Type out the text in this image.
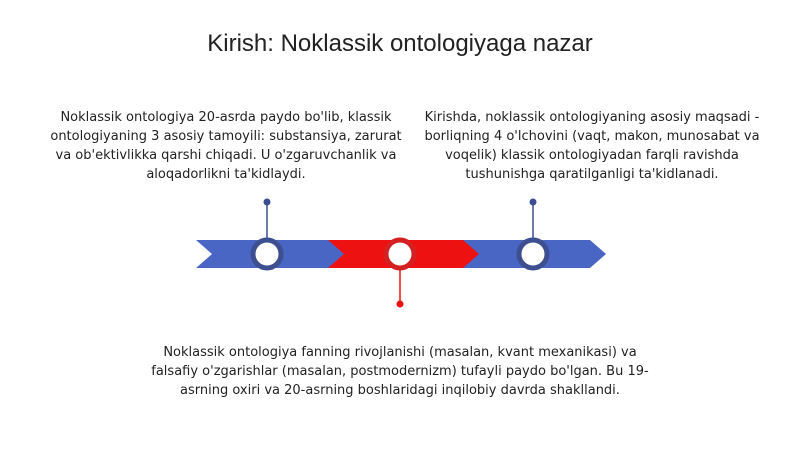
Kirish: Noklassik ontologiyaga nazar
Noklassik ontologiya 20-asrda paydo bo'lib, klassik ontologiyaning 3 asosiy tamoyili: substansiya, zarurat va ob'ektivlikka qarshi chiqadi. U o'zgaruvchanlik va aloqadorlikni ta'kidlaydi.
Kirishda, noklassik ontologiyaning asosiy maqsadi - borliqning 4 o'lchovini (vaqt, makon, munosabat va voqelik) klassik ontologiyadan farqli ravishda tushunishga qaratilganligi ta'kidlanadi.
Noklassik ontologiya fanning rivojlanishi (masalan, kvant mexanikasi) va falsafiy o'zgarishlar (masalan, postmodernizm) tufayli paydo bo'lgan. Bu 19-asrning oxiri va 20-asrning boshlaridagi inqilobiy davrda shakllandi.
